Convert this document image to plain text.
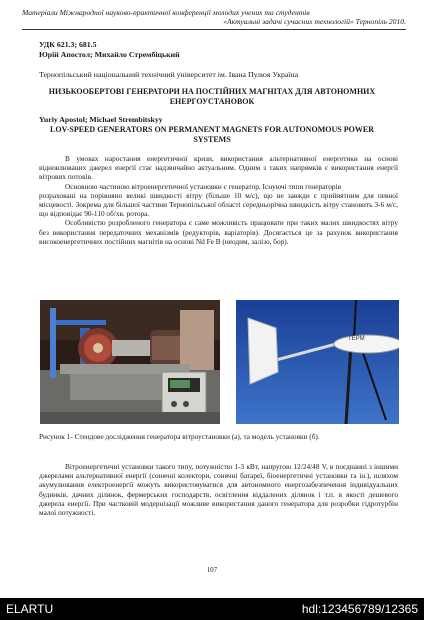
Матеріали Міжнародної науково-практичної конференції молодих учених та студентів
«Актуальні задачі сучасних технологій» Тернопіль 2010.
УДК 621.3; 681.5
Юрій Апостол; Михайло Стрембіцький
Тернопільський національний технічний університет ім. Івана Пулюя Україна
НИЗЬКООБЕРТОВІ ГЕНЕРАТОРИ НА ПОСТІЙНИХ МАГНІТАХ ДЛЯ АВТОНОМНИХ ЕНЕРГОУСТАНОВОК
Yuriy Apostol; Michael Strembitskyy
LOV-SPEED GENERATORS ON PERMANENT MAGNETS FOR AUTONOMOUS POWER SYSTEMS

В умовах наростання енергетичної кризи, використання альтернативної енергетики на основі відновлюваних джерел енергії стає надзвичайно актуальним. Одним з таких напрямків є використання енергії вітрових потоків.

Основною частиною вітроенергетичної установки є генератор. Існуючі типи генераторів

розраховані на порівняно великі швидкості вітру (більше 10 м/с), що не завжди є прийнятним для певної місцевості. Зокрема для більшої частини Тернопільської області середньорічна швидкість вітру становить 3-6 м/с, що відповідає 90-110 об/хв. ротора.

Особливістю розробленого генератора є саме можливість працювати при таких малих швидкостях вітру без використання передаточних механізмів (редукторів, варіаторів). Досягається це за рахунок використання високоенергетичних постійних магнітів на основі Nd Fe B (неодим, залізо, бор).

ТЕРМ
Рисунок 1- Стендове дослідження генератора вітроустановки (а), та модель установки (б).

Вітроенергетичні установки такого типу, потужністю 1-3 кВт, напругою 12/24/48 V, в поєднанні з іншими джерелами альтернативної енергії (сонячні колектори, сонячні батареї, біоенергетичні установки та ін.), шляхом акумулювання електроенергії можуть використовуватися для автономного енергозабезпечення індивідуальних будинків, дачних ділянок, фермерських господарств, освітлення віддалених ділянок і т.п. в якості дешевого джерела енергії. При частковій модернізації можливе використання даного генератора для розробки гідротурбін малої потужності.

107
ELARTU	hdl:123456789/12365
